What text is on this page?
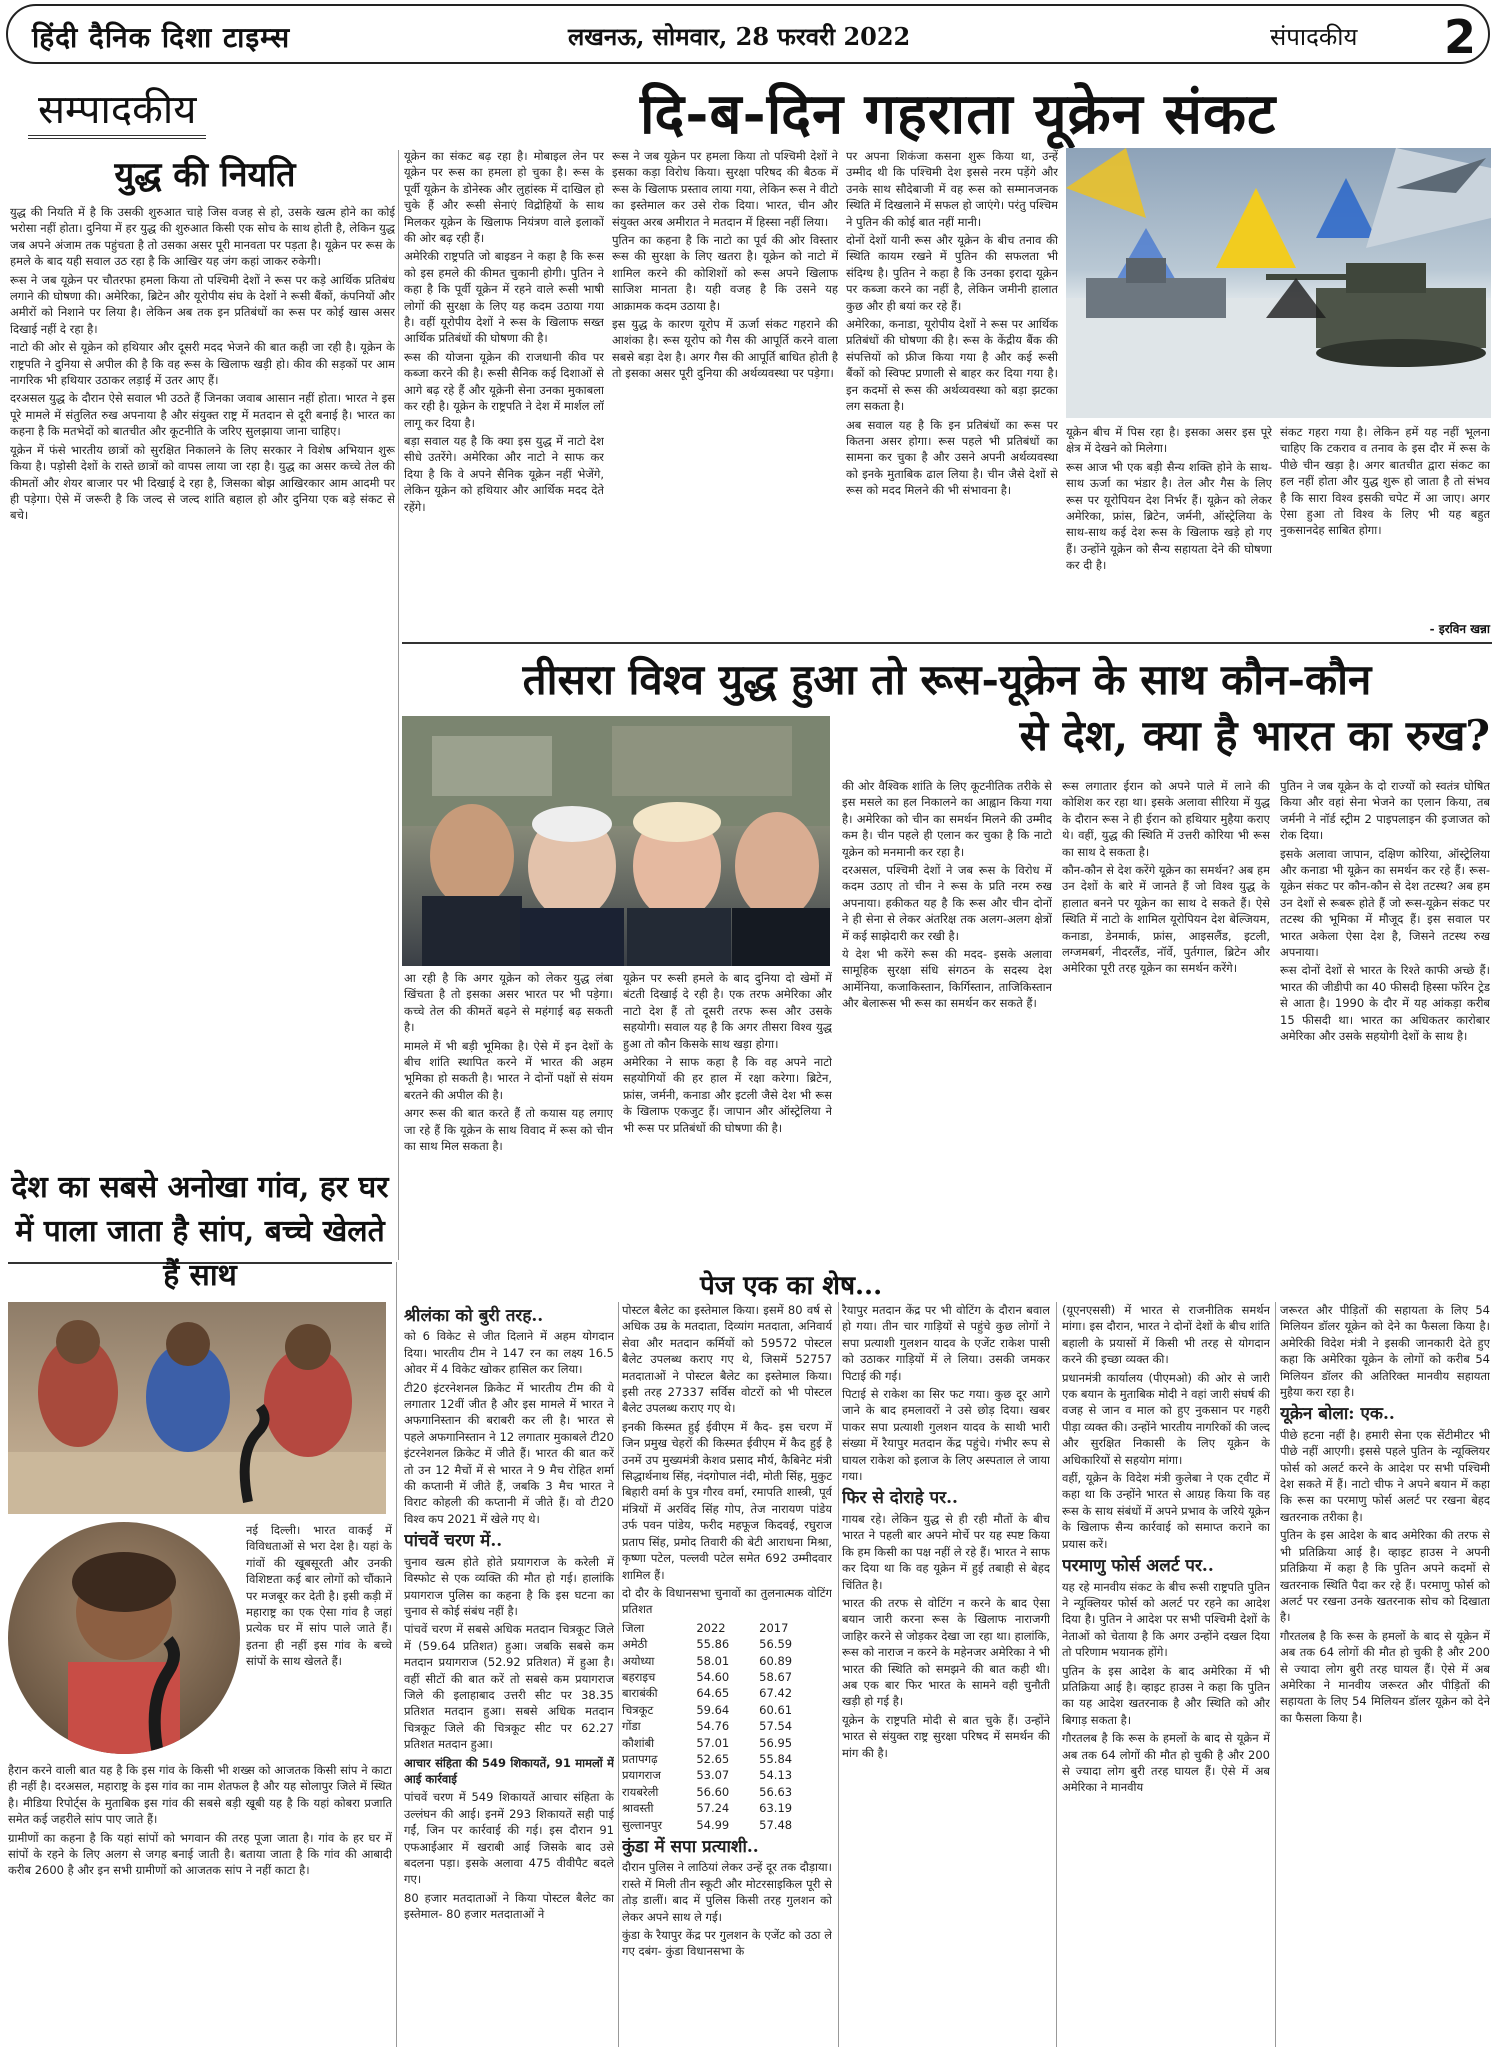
हिंदी दैनिक दिशा टाइम्स	लखनऊ, सोमवार, 28 फरवरी 2022	संपादकीय 2
सम्पादकीय	दि-ब-दिन गहराता यूक्रेन संकट
युद्ध की नियति

युद्ध की नियति में है कि उसकी शुरुआत चाहे जिस वजह से हो, उसके खत्म होने का कोई भरोसा नहीं होता। दुनिया में हर युद्ध की शुरुआत किसी एक सोच के साथ होती है, लेकिन युद्ध जब अपने अंजाम तक पहुंचता है तो उसका असर पूरी मानवता पर पड़ता है। यूक्रेन पर रूस के हमले के बाद यही सवाल उठ रहा है कि आखिर यह जंग कहां जाकर रुकेगी।

रूस ने जब यूक्रेन पर चौतरफा हमला किया तो पश्चिमी देशों ने रूस पर कड़े आर्थिक प्रतिबंध लगाने की घोषणा की। अमेरिका, ब्रिटेन और यूरोपीय संघ के देशों ने रूसी बैंकों, कंपनियों और अमीरों को निशाने पर लिया है। लेकिन अब तक इन प्रतिबंधों का रूस पर कोई खास असर दिखाई नहीं दे रहा है।

नाटो की ओर से यूक्रेन को हथियार और दूसरी मदद भेजने की बात कही जा रही है। यूक्रेन के राष्ट्रपति ने दुनिया से अपील की है कि वह रूस के खिलाफ खड़ी हो। कीव की सड़कों पर आम नागरिक भी हथियार उठाकर लड़ाई में उतर आए हैं।

दरअसल युद्ध के दौरान ऐसे सवाल भी उठते हैं जिनका जवाब आसान नहीं होता। भारत ने इस पूरे मामले में संतुलित रुख अपनाया है और संयुक्त राष्ट्र में मतदान से दूरी बनाई है। भारत का कहना है कि मतभेदों को बातचीत और कूटनीति के जरिए सुलझाया जाना चाहिए।

यूक्रेन में फंसे भारतीय छात्रों को सुरक्षित निकालने के लिए सरकार ने विशेष अभियान शुरू किया है। पड़ोसी देशों के रास्ते छात्रों को वापस लाया जा रहा है। युद्ध का असर कच्चे तेल की कीमतों और शेयर बाजार पर भी दिखाई दे रहा है, जिसका बोझ आखिरकार आम आदमी पर ही पड़ेगा। ऐसे में जरूरी है कि जल्द से जल्द शांति बहाल हो और दुनिया एक बड़े संकट से बचे।

यूक्रेन का संकट बढ़ रहा है। मोबाइल लेन पर यूक्रेन पर रूस का हमला हो चुका है। रूस के पूर्वी यूक्रेन के डोनेस्क और लुहांस्क में दाखिल हो चुके हैं और रूसी सेनाएं विद्रोहियों के साथ मिलकर यूक्रेन के खिलाफ नियंत्रण वाले इलाकों की ओर बढ़ रही हैं।

अमेरिकी राष्ट्रपति जो बाइडन ने कहा है कि रूस को इस हमले की कीमत चुकानी होगी। पुतिन ने कहा है कि पूर्वी यूक्रेन में रहने वाले रूसी भाषी लोगों की सुरक्षा के लिए यह कदम उठाया गया है। वहीं यूरोपीय देशों ने रूस के खिलाफ सख्त आर्थिक प्रतिबंधों की घोषणा की है।

रूस की योजना यूक्रेन की राजधानी कीव पर कब्जा करने की है। रूसी सैनिक कई दिशाओं से आगे बढ़ रहे हैं और यूक्रेनी सेना उनका मुकाबला कर रही है। यूक्रेन के राष्ट्रपति ने देश में मार्शल लॉ लागू कर दिया है।

बड़ा सवाल यह है कि क्या इस युद्ध में नाटो देश सीधे उतरेंगे। अमेरिका और नाटो ने साफ कर दिया है कि वे अपने सैनिक यूक्रेन नहीं भेजेंगे, लेकिन यूक्रेन को हथियार और आर्थिक मदद देते रहेंगे।

रूस ने जब यूक्रेन पर हमला किया तो पश्चिमी देशों ने इसका कड़ा विरोध किया। सुरक्षा परिषद की बैठक में रूस के खिलाफ प्रस्ताव लाया गया, लेकिन रूस ने वीटो का इस्तेमाल कर उसे रोक दिया। भारत, चीन और संयुक्त अरब अमीरात ने मतदान में हिस्सा नहीं लिया।

पुतिन का कहना है कि नाटो का पूर्व की ओर विस्तार रूस की सुरक्षा के लिए खतरा है। यूक्रेन को नाटो में शामिल करने की कोशिशों को रूस अपने खिलाफ साजिश मानता है। यही वजह है कि उसने यह आक्रामक कदम उठाया है।

इस युद्ध के कारण यूरोप में ऊर्जा संकट गहराने की आशंका है। रूस यूरोप को गैस की आपूर्ति करने वाला सबसे बड़ा देश है। अगर गैस की आपूर्ति बाधित होती है तो इसका असर पूरी दुनिया की अर्थव्यवस्था पर पड़ेगा।

पर अपना शिकंजा कसना शुरू किया था, उन्हें उम्मीद थी कि पश्चिमी देश इससे नरम पड़ेंगे और उनके साथ सौदेबाजी में वह रूस को सम्मानजनक स्थिति में दिखलाने में सफल हो जाएंगे। परंतु पश्चिम ने पुतिन की कोई बात नहीं मानी।

दोनों देशों यानी रूस और यूक्रेन के बीच तनाव की स्थिति कायम रखने में पुतिन की सफलता भी संदिग्ध है। पुतिन ने कहा है कि उनका इरादा यूक्रेन पर कब्जा करने का नहीं है, लेकिन जमीनी हालात कुछ और ही बयां कर रहे हैं।

अमेरिका, कनाडा, यूरोपीय देशों ने रूस पर आर्थिक प्रतिबंधों की घोषणा की है। रूस के केंद्रीय बैंक की संपत्तियों को फ्रीज किया गया है और कई रूसी बैंकों को स्विफ्ट प्रणाली से बाहर कर दिया गया है। इन कदमों से रूस की अर्थव्यवस्था को बड़ा झटका लग सकता है।

अब सवाल यह है कि इन प्रतिबंधों का रूस पर कितना असर होगा। रूस पहले भी प्रतिबंधों का सामना कर चुका है और उसने अपनी अर्थव्यवस्था को इनके मुताबिक ढाल लिया है। चीन जैसे देशों से रूस को मदद मिलने की भी संभावना है।

यूक्रेन बीच में पिस रहा है। इसका असर इस पूरे क्षेत्र में देखने को मिलेगा।

रूस आज भी एक बड़ी सैन्य शक्ति होने के साथ-साथ ऊर्जा का भंडार है। तेल और गैस के लिए रूस पर यूरोपियन देश निर्भर हैं। यूक्रेन को लेकर अमेरिका, फ्रांस, ब्रिटेन, जर्मनी, ऑस्ट्रेलिया के साथ-साथ कई देश रूस के खिलाफ खड़े हो गए हैं। उन्होंने यूक्रेन को सैन्य सहायता देने की घोषणा कर दी है।

संकट गहरा गया है। लेकिन हमें यह नहीं भूलना चाहिए कि टकराव व तनाव के इस दौर में रूस के पीछे चीन खड़ा है। अगर बातचीत द्वारा संकट का हल नहीं होता और युद्ध शुरू हो जाता है तो संभव है कि सारा विश्व इसकी चपेट में आ जाए। अगर ऐसा हुआ तो विश्व के लिए भी यह बहुत नुकसानदेह साबित होगा।

- इरविन खन्ना
तीसरा विश्व युद्ध हुआ तो रूस-यूक्रेन के साथ कौन-कौन
से देश, क्या है भारत का रुख?

आ रही है कि अगर यूक्रेन को लेकर युद्ध लंबा खिंचता है तो इसका असर भारत पर भी पड़ेगा। कच्चे तेल की कीमतें बढ़ने से महंगाई बढ़ सकती है।

मामले में भी बड़ी भूमिका है। ऐसे में इन देशों के बीच शांति स्थापित करने में भारत की अहम भूमिका हो सकती है। भारत ने दोनों पक्षों से संयम बरतने की अपील की है।

अगर रूस की बात करते हैं तो कयास यह लगाए जा रहे हैं कि यूक्रेन के साथ विवाद में रूस को चीन का साथ मिल सकता है।

यूक्रेन पर रूसी हमले के बाद दुनिया दो खेमों में बंटती दिखाई दे रही है। एक तरफ अमेरिका और नाटो देश हैं तो दूसरी तरफ रूस और उसके सहयोगी। सवाल यह है कि अगर तीसरा विश्व युद्ध हुआ तो कौन किसके साथ खड़ा होगा।

अमेरिका ने साफ कहा है कि वह अपने नाटो सहयोगियों की हर हाल में रक्षा करेगा। ब्रिटेन, फ्रांस, जर्मनी, कनाडा और इटली जैसे देश भी रूस के खिलाफ एकजुट हैं। जापान और ऑस्ट्रेलिया ने भी रूस पर प्रतिबंधों की घोषणा की है।

की ओर वैश्विक शांति के लिए कूटनीतिक तरीके से इस मसले का हल निकालने का आह्वान किया गया है। अमेरिका को चीन का समर्थन मिलने की उम्मीद कम है। चीन पहले ही एलान कर चुका है कि नाटो यूक्रेन को मनमानी कर रहा है।

दरअसल, पश्चिमी देशों ने जब रूस के विरोध में कदम उठाए तो चीन ने रूस के प्रति नरम रुख अपनाया। हकीकत यह है कि रूस और चीन दोनों ने ही सेना से लेकर अंतरिक्ष तक अलग-अलग क्षेत्रों में कई साझेदारी कर रखी है।

ये देश भी करेंगे रूस की मदद- इसके अलावा सामूहिक सुरक्षा संधि संगठन के सदस्य देश आर्मेनिया, कजाकिस्तान, किर्गिस्तान, ताजिकिस्तान और बेलारूस भी रूस का समर्थन कर सकते हैं।

रूस लगातार ईरान को अपने पाले में लाने की कोशिश कर रहा था। इसके अलावा सीरिया में युद्ध के दौरान रूस ने ही ईरान को हथियार मुहैया कराए थे। वहीं, युद्ध की स्थिति में उत्तरी कोरिया भी रूस का साथ दे सकता है।

कौन-कौन से देश करेंगे यूक्रेन का समर्थन? अब हम उन देशों के बारे में जानते हैं जो विश्व युद्ध के हालात बनने पर यूक्रेन का साथ दे सकते हैं। ऐसे स्थिति में नाटो के शामिल यूरोपियन देश बेल्जियम, कनाडा, डेनमार्क, फ्रांस, आइसलैंड, इटली, लग्जमबर्ग, नीदरलैंड, नॉर्वे, पुर्तगाल, ब्रिटेन और अमेरिका पूरी तरह यूक्रेन का समर्थन करेंगे।

पुतिन ने जब यूक्रेन के दो राज्यों को स्वतंत्र घोषित किया और वहां सेना भेजने का एलान किया, तब जर्मनी ने नॉर्ड स्ट्रीम 2 पाइपलाइन की इजाजत को रोक दिया।

इसके अलावा जापान, दक्षिण कोरिया, ऑस्ट्रेलिया और कनाडा भी यूक्रेन का समर्थन कर रहे हैं। रूस-यूक्रेन संकट पर कौन-कौन से देश तटस्थ? अब हम उन देशों से रूबरू होते हैं जो रूस-यूक्रेन संकट पर तटस्थ की भूमिका में मौजूद हैं। इस सवाल पर भारत अकेला ऐसा देश है, जिसने तटस्थ रुख अपनाया।

रूस दोनों देशों से भारत के रिश्ते काफी अच्छे हैं। भारत की जीडीपी का 40 फीसदी हिस्सा फॉरेन ट्रेड से आता है। 1990 के दौर में यह आंकड़ा करीब 15 फीसदी था। भारत का अधिकतर कारोबार अमेरिका और उसके सहयोगी देशों के साथ है।

देश का सबसे अनोखा गांव, हर घर में पाला जाता है सांप, बच्चे खेलते हैं साथ

नई दिल्ली। भारत वाकई में विविधताओं से भरा देश है। यहां के गांवों की खूबसूरती और उनकी विशिष्टता कई बार लोगों को चौंकाने पर मजबूर कर देती है। इसी कड़ी में महाराष्ट्र का एक ऐसा गांव है जहां प्रत्येक घर में सांप पाले जाते हैं। इतना ही नहीं इस गांव के बच्चे सांपों के साथ खेलते हैं।

हैरान करने वाली बात यह है कि इस गांव के किसी भी शख्स को आजतक किसी सांप ने काटा ही नहीं है। दरअसल, महाराष्ट्र के इस गांव का नाम शेतफल है और यह सोलापुर जिले में स्थित है। मीडिया रिपोर्ट्स के मुताबिक इस गांव की सबसे बड़ी खूबी यह है कि यहां कोबरा प्रजाति समेत कई जहरीले सांप पाए जाते हैं।

ग्रामीणों का कहना है कि यहां सांपों को भगवान की तरह पूजा जाता है। गांव के हर घर में सांपों के रहने के लिए अलग से जगह बनाई जाती है। बताया जाता है कि गांव की आबादी करीब 2600 है और इन सभी ग्रामीणों को आजतक सांप ने नहीं काटा है।

पेज एक का शेष...
श्रीलंका को बुरी तरह..

को 6 विकेट से जीत दिलाने में अहम योगदान दिया। भारतीय टीम ने 147 रन का लक्ष्य 16.5 ओवर में 4 विकेट खोकर हासिल कर लिया।

टी20 इंटरनेशनल क्रिकेट में भारतीय टीम की ये लगातार 12वीं जीत है और इस मामले में भारत ने अफगानिस्तान की बराबरी कर ली है। भारत से पहले अफगानिस्तान ने 12 लगातार मुकाबले टी20 इंटरनेशनल क्रिकेट में जीते हैं। भारत की बात करें तो उन 12 मैचों में से भारत ने 9 मैच रोहित शर्मा की कप्तानी में जीते हैं, जबकि 3 मैच भारत ने विराट कोहली की कप्तानी में जीते हैं। वो टी20 विश्व कप 2021 में खेले गए थे।

पांचवें चरण में..

चुनाव खत्म होते होते प्रयागराज के करेली में विस्फोट से एक व्यक्ति की मौत हो गई। हालांकि प्रयागराज पुलिस का कहना है कि इस घटना का चुनाव से कोई संबंध नहीं है।

पांचवें चरण में सबसे अधिक मतदान चित्रकूट जिले में (59.64 प्रतिशत) हुआ। जबकि सबसे कम मतदान प्रयागराज (52.92 प्रतिशत) में हुआ है। वहीं सीटों की बात करें तो सबसे कम प्रयागराज जिले की इलाहाबाद उत्तरी सीट पर 38.35 प्रतिशत मतदान हुआ। सबसे अधिक मतदान चित्रकूट जिले की चित्रकूट सीट पर 62.27 प्रतिशत मतदान हुआ।

आचार संहिता की 549 शिकायतें, 91 मामलों में आई कार्रवाई

पांचवें चरण में 549 शिकायतें आचार संहिता के उल्लंघन की आई। इनमें 293 शिकायतें सही पाई गईं, जिन पर कार्रवाई की गई। इस दौरान 91 एफआईआर में खराबी आई जिसके बाद उसे बदलना पड़ा। इसके अलावा 475 वीवीपैट बदले गए।

80 हजार मतदाताओं ने किया पोस्टल बैलेट का इस्तेमाल- 80 हजार मतदाताओं ने

पोस्टल बैलेट का इस्तेमाल किया। इसमें 80 वर्ष से अधिक उम्र के मतदाता, दिव्यांग मतदाता, अनिवार्य सेवा और मतदान कर्मियों को 59572 पोस्टल बैलेट उपलब्ध कराए गए थे, जिसमें 52757 मतदाताओं ने पोस्टल बैलेट का इस्तेमाल किया। इसी तरह 27337 सर्विस वोटरों को भी पोस्टल बैलेट उपलब्ध कराए गए थे।

इनकी किस्मत हुई ईवीएम में कैद- इस चरण में जिन प्रमुख चेहरों की किस्मत ईवीएम में कैद हुई है उनमें उप मुख्यमंत्री केशव प्रसाद मौर्य, कैबिनेट मंत्री सिद्धार्थनाथ सिंह, नंदगोपाल नंदी, मोती सिंह, मुकुट बिहारी वर्मा के पुत्र गौरव वर्मा, रमापति शास्त्री, पूर्व मंत्रियों में अरविंद सिंह गोप, तेज नारायण पांडेय उर्फ पवन पांडेय, फरीद महफूज किदवई, रघुराज प्रताप सिंह, प्रमोद तिवारी की बेटी आराधना मिश्रा, कृष्णा पटेल, पल्लवी पटेल समेत 692 उम्मीदवार शामिल हैं।

दो दौर के विधानसभा चुनावों का तुलनात्मक वोटिंग प्रतिशत

जिला	2022	2017
अमेठी	55.86	56.59
अयोध्या	58.01	60.89
बहराइच	54.60	58.67
बाराबंकी	64.65	67.42
चित्रकूट	59.64	60.61
गोंडा	54.76	57.54
कौशांबी	57.01	56.95
प्रतापगढ़	52.65	55.84
प्रयागराज	53.07	54.13
रायबरेली	56.60	56.63
श्रावस्ती	57.24	63.19
सुल्तानपुर	54.99	57.48
कुंडा में सपा प्रत्याशी..

दौरान पुलिस ने लाठियां लेकर उन्हें दूर तक दौड़ाया। रास्ते में मिली तीन स्कूटी और मोटरसाइकिल पूरी से तोड़ डालीं। बाद में पुलिस किसी तरह गुलशन को लेकर अपने साथ ले गई।

कुंडा के रैयापुर केंद्र पर गुलशन के एजेंट को उठा ले गए दबंग- कुंडा विधानसभा के

रैयापुर मतदान केंद्र पर भी वोटिंग के दौरान बवाल हो गया। तीन चार गाड़ियों से पहुंचे कुछ लोगों ने सपा प्रत्याशी गुलशन यादव के एजेंट राकेश पासी को उठाकर गाड़ियों में ले लिया। उसकी जमकर पिटाई की गई।

पिटाई से राकेश का सिर फट गया। कुछ दूर आगे जाने के बाद हमलावरों ने उसे छोड़ दिया। खबर पाकर सपा प्रत्याशी गुलशन यादव के साथी भारी संख्या में रैयापुर मतदान केंद्र पहुंचे। गंभीर रूप से घायल राकेश को इलाज के लिए अस्पताल ले जाया गया।

फिर से दोराहे पर..

गायब रहे। लेकिन युद्ध से ही रही मौतों के बीच भारत ने पहली बार अपने मोर्चे पर यह स्पष्ट किया कि हम किसी का पक्ष नहीं ले रहे हैं। भारत ने साफ कर दिया था कि वह यूक्रेन में हुई तबाही से बेहद चिंतित है।

भारत की तरफ से वोटिंग न करने के बाद ऐसा बयान जारी करना रूस के खिलाफ नाराजगी जाहिर करने से जोड़कर देखा जा रहा था। हालांकि, रूस को नाराज न करने के महेनजर अमेरिका ने भी भारत की स्थिति को समझने की बात कही थी। अब एक बार फिर भारत के सामने वही चुनौती खड़ी हो गई है।

यूक्रेन के राष्ट्रपति मोदी से बात चुके हैं। उन्होंने भारत से संयुक्त राष्ट्र सुरक्षा परिषद में समर्थन की मांग की है।

(यूएनएससी) में भारत से राजनीतिक समर्थन मांगा। इस दौरान, भारत ने दोनों देशों के बीच शांति बहाली के प्रयासों में किसी भी तरह से योगदान करने की इच्छा व्यक्त की।

प्रधानमंत्री कार्यालय (पीएमओ) की ओर से जारी एक बयान के मुताबिक मोदी ने वहां जारी संघर्ष की वजह से जान व माल को हुए नुकसान पर गहरी पीड़ा व्यक्त की। उन्होंने भारतीय नागरिकों की जल्द और सुरक्षित निकासी के लिए यूक्रेन के अधिकारियों से सहयोग मांगा।

वहीं, यूक्रेन के विदेश मंत्री कुलेबा ने एक ट्वीट में कहा था कि उन्होंने भारत से आग्रह किया कि वह रूस के साथ संबंधों में अपने प्रभाव के जरिये यूक्रेन के खिलाफ सैन्य कार्रवाई को समाप्त कराने का प्रयास करें।

परमाणु फोर्स अलर्ट पर..

यह रहे मानवीय संकट के बीच रूसी राष्ट्रपति पुतिन ने न्यूक्लियर फोर्स को अलर्ट पर रहने का आदेश दिया है। पुतिन ने आदेश पर सभी पश्चिमी देशों के नेताओं को चेताया है कि अगर उन्होंने दखल दिया तो परिणाम भयानक होंगे।

पुतिन के इस आदेश के बाद अमेरिका में भी प्रतिक्रिया आई है। व्हाइट हाउस ने कहा कि पुतिन का यह आदेश खतरनाक है और स्थिति को और बिगाड़ सकता है।

गौरतलब है कि रूस के हमलों के बाद से यूक्रेन में अब तक 64 लोगों की मौत हो चुकी है और 200 से ज्यादा लोग बुरी तरह घायल हैं। ऐसे में अब अमेरिका ने मानवीय

जरूरत और पीड़ितों की सहायता के लिए 54 मिलियन डॉलर यूक्रेन को देने का फैसला किया है। अमेरिकी विदेश मंत्री ने इसकी जानकारी देते हुए कहा कि अमेरिका यूक्रेन के लोगों को करीब 54 मिलियन डॉलर की अतिरिक्त मानवीय सहायता मुहैया करा रहा है।

यूक्रेन बोला: एक..

पीछे हटना नहीं है। हमारी सेना एक सेंटीमीटर भी पीछे नहीं आएगी। इससे पहले पुतिन के न्यूक्लियर फोर्स को अलर्ट करने के आदेश पर सभी पश्चिमी देश सकते में हैं। नाटो चीफ ने अपने बयान में कहा कि रूस का परमाणु फोर्स अलर्ट पर रखना बेहद खतरनाक तरीका है।

पुतिन के इस आदेश के बाद अमेरिका की तरफ से भी प्रतिक्रिया आई है। व्हाइट हाउस ने अपनी प्रतिक्रिया में कहा है कि पुतिन अपने कदमों से खतरनाक स्थिति पैदा कर रहे हैं। परमाणु फोर्स को अलर्ट पर रखना उनके खतरनाक सोच को दिखाता है।

गौरतलब है कि रूस के हमलों के बाद से यूक्रेन में अब तक 64 लोगों की मौत हो चुकी है और 200 से ज्यादा लोग बुरी तरह घायल हैं। ऐसे में अब अमेरिका ने मानवीय जरूरत और पीड़ितों की सहायता के लिए 54 मिलियन डॉलर यूक्रेन को देने का फैसला किया है।
